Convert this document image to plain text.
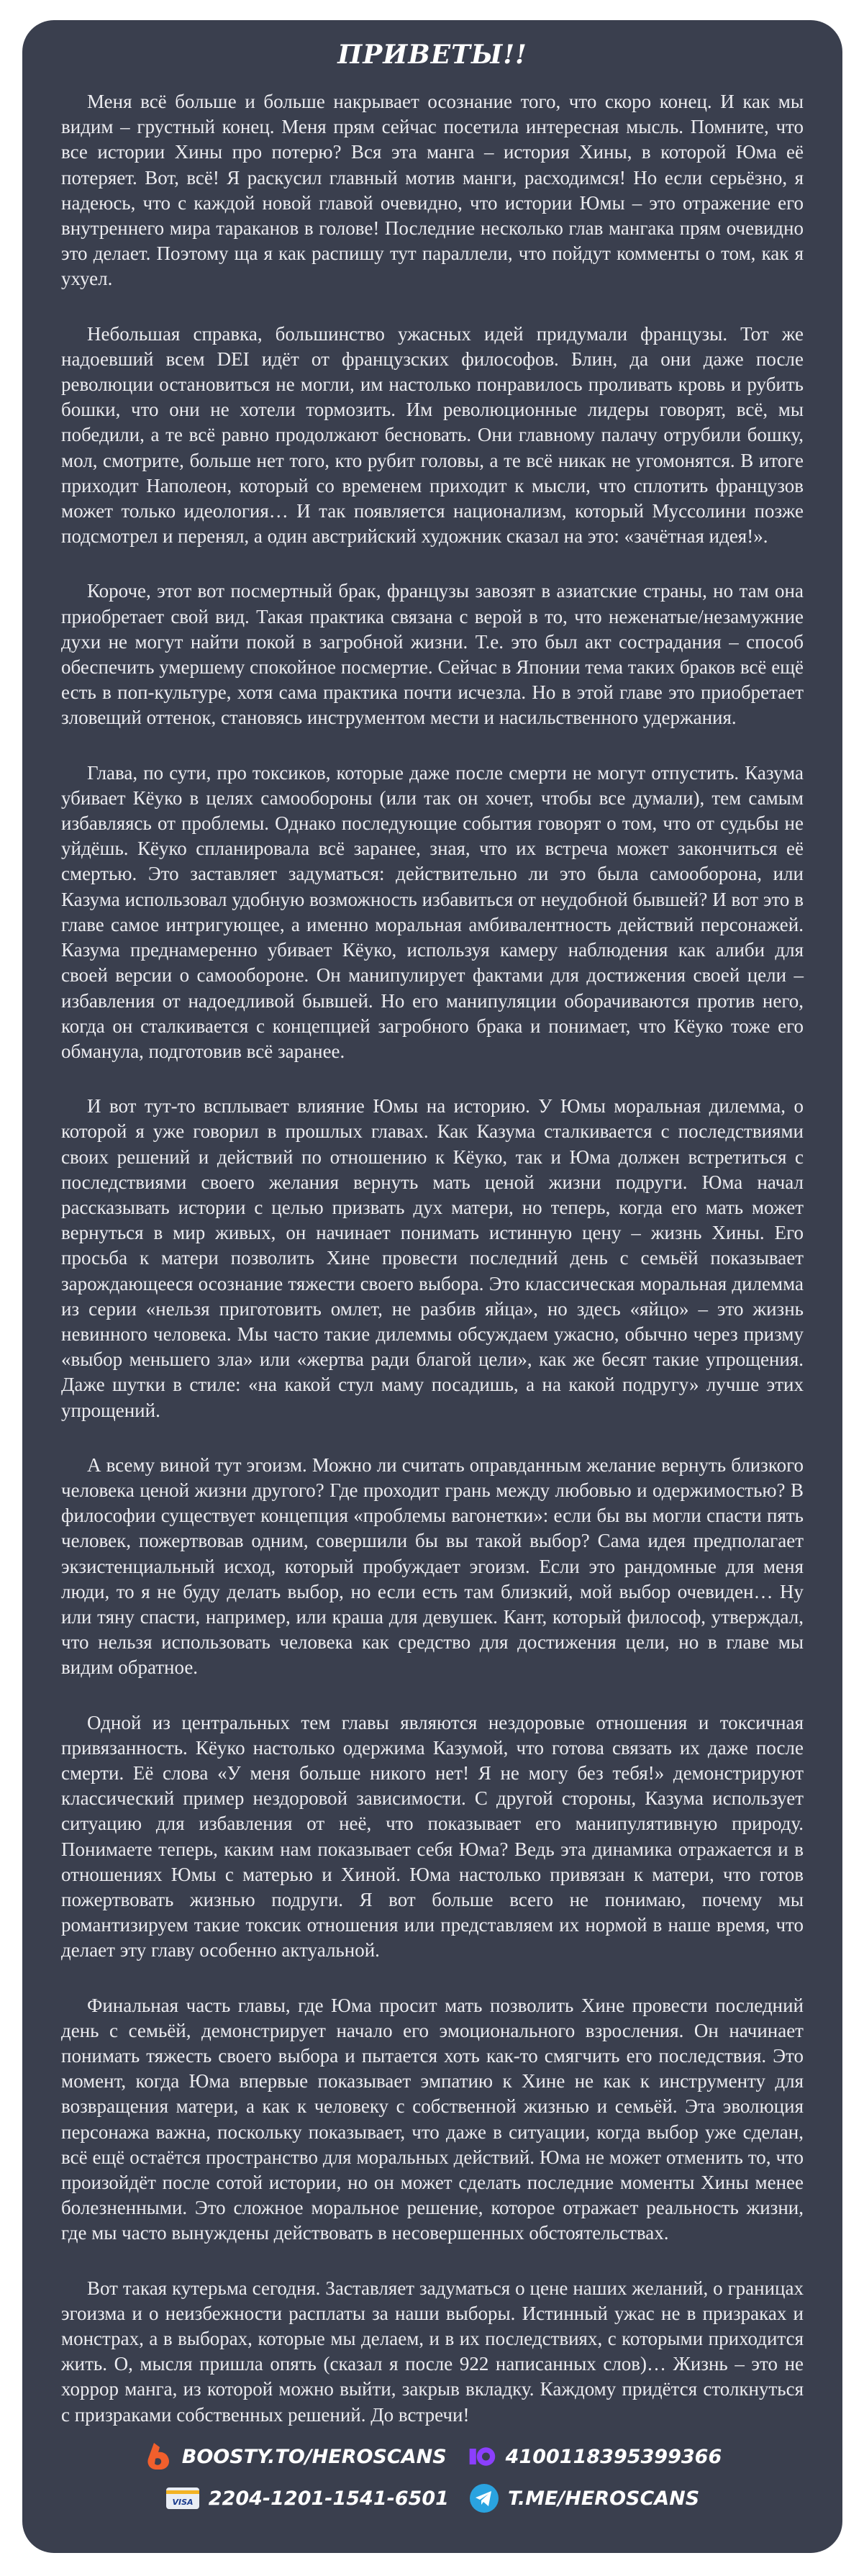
ПРИВЕТЫ!!

Меня всё больше и больше накрывает осознание того, что скоро конец. И как мы видим – грустный конец. Меня прям сейчас посетила интересная мысль. Помните, что все истории Хины про потерю? Вся эта манга – история Хины, в которой Юма её потеряет. Вот, всё! Я раскусил главный мотив манги, расходимся! Но если серьёзно, я надеюсь, что с каждой новой главой очевидно, что истории Юмы – это отражение его внутреннего мира тараканов в голове! Последние несколько глав мангака прям очевидно это делает. Поэтому ща я как распишу тут параллели, что пойдут комменты о том, как я ухуел.

Небольшая справка, большинство ужасных идей придумали французы. Тот же надоевший всем DEI идёт от французских философов. Блин, да они даже после революции остановиться не могли, им настолько понравилось проливать кровь и рубить бошки, что они не хотели тормозить. Им революционные лидеры говорят, всё, мы победили, а те всё равно продолжают бесновать. Они главному палачу отрубили бошку, мол, смотрите, больше нет того, кто рубит головы, а те всё никак не угомонятся. В итоге приходит Наполеон, который со временем приходит к мысли, что сплотить французов может только идеология… И так появляется национализм, который Муссолини позже подсмотрел и перенял, а один австрийский художник сказал на это: «зачётная идея!».

Короче, этот вот посмертный брак, французы завозят в азиатские страны, но там она приобретает свой вид. Такая практика связана с верой в то, что неженатые/незамужние духи не могут найти покой в загробной жизни. Т.е. это был акт сострадания – способ обеспечить умершему спокойное посмертие. Сейчас в Японии тема таких браков всё ещё есть в поп-культуре, хотя сама практика почти исчезла. Но в этой главе это приобретает зловещий оттенок, становясь инструментом мести и насильственного удержания.

Глава, по сути, про токсиков, которые даже после смерти не могут отпустить. Казума убивает Кёуко в целях самообороны (или так он хочет, чтобы все думали), тем самым избавляясь от проблемы. Однако последующие события говорят о том, что от судьбы не уйдёшь. Кёуко спланировала всё заранее, зная, что их встреча может закончиться её смертью. Это заставляет задуматься: действительно ли это была самооборона, или Казума использовал удобную возможность избавиться от неудобной бывшей? И вот это в главе самое интригующее, а именно моральная амбивалентность действий персонажей. Казума преднамеренно убивает Кёуко, используя камеру наблюдения как алиби для своей версии о самообороне. Он манипулирует фактами для достижения своей цели – избавления от надоедливой бывшей. Но его манипуляции оборачиваются против него, когда он сталкивается с концепцией загробного брака и понимает, что Кёуко тоже его обманула, подготовив всё заранее.

И вот тут-то всплывает влияние Юмы на историю. У Юмы моральная дилемма, о которой я уже говорил в прошлых главах. Как Казума сталкивается с последствиями своих решений и действий по отношению к Кёуко, так и Юма должен встретиться с последствиями своего желания вернуть мать ценой жизни подруги. Юма начал рассказывать истории с целью призвать дух матери, но теперь, когда его мать может вернуться в мир живых, он начинает понимать истинную цену – жизнь Хины. Его просьба к матери позволить Хине провести последний день с семьёй показывает зарождающееся осознание тяжести своего выбора. Это классическая моральная дилемма из серии «нельзя приготовить омлет, не разбив яйца», но здесь «яйцо» – это жизнь невинного человека. Мы часто такие дилеммы обсуждаем ужасно, обычно через призму «выбор меньшего зла» или «жертва ради благой цели», как же бесят такие упрощения. Даже шутки в стиле: «на какой стул маму посадишь, а на какой подругу» лучше этих упрощений.

А всему виной тут эгоизм. Можно ли считать оправданным желание вернуть близкого человека ценой жизни другого? Где проходит грань между любовью и одержимостью? В философии существует концепция «проблемы вагонетки»: если бы вы могли спасти пять человек, пожертвовав одним, совершили бы вы такой выбор? Сама идея предполагает экзистенциальный исход, который пробуждает эгоизм. Если это рандомные для меня люди, то я не буду делать выбор, но если есть там близкий, мой выбор очевиден… Ну или тяну спасти, например, или краша для девушек. Кант, который философ, утверждал, что нельзя использовать человека как средство для достижения цели, но в главе мы видим обратное.

Одной из центральных тем главы являются нездоровые отношения и токсичная привязанность. Кёуко настолько одержима Казумой, что готова связать их даже после смерти. Её слова «У меня больше никого нет! Я не могу без тебя!» демонстрируют классический пример нездоровой зависимости. С другой стороны, Казума использует ситуацию для избавления от неё, что показывает его манипулятивную природу. Понимаете теперь, каким нам показывает себя Юма? Ведь эта динамика отражается и в отношениях Юмы с матерью и Хиной. Юма настолько привязан к матери, что готов пожертвовать жизнью подруги. Я вот больше всего не понимаю, почему мы романтизируем такие токсик отношения или представляем их нормой в наше время, что делает эту главу особенно актуальной.

Финальная часть главы, где Юма просит мать позволить Хине провести последний день с семьёй, демонстрирует начало его эмоционального взросления. Он начинает понимать тяжесть своего выбора и пытается хоть как-то смягчить его последствия. Это момент, когда Юма впервые показывает эмпатию к Хине не как к инструменту для возвращения матери, а как к человеку с собственной жизнью и семьёй. Эта эволюция персонажа важна, поскольку показывает, что даже в ситуации, когда выбор уже сделан, всё ещё остаётся пространство для моральных действий. Юма не может отменить то, что произойдёт после сотой истории, но он может сделать последние моменты Хины менее болезненными. Это сложное моральное решение, которое отражает реальность жизни, где мы часто вынуждены действовать в несовершенных обстоятельствах.

Вот такая кутерьма сегодня. Заставляет задуматься о цене наших желаний, о границах эгоизма и о неизбежности расплаты за наши выборы. Истинный ужас не в призраках и монстрах, а в выборах, которые мы делаем, и в их последствиях, с которыми приходится жить. О, мысля пришла опять (сказал я после 922 написанных слов)… Жизнь – это не хоррор манга, из которой можно выйти, закрыв вкладку. Каждому придётся столкнуться с призраками собственных решений. До встречи!

BOOSTY.TO/HEROSCANS	4100118395399366
VISA 2204-1201-1541-6501	T.ME/HEROSCANS
